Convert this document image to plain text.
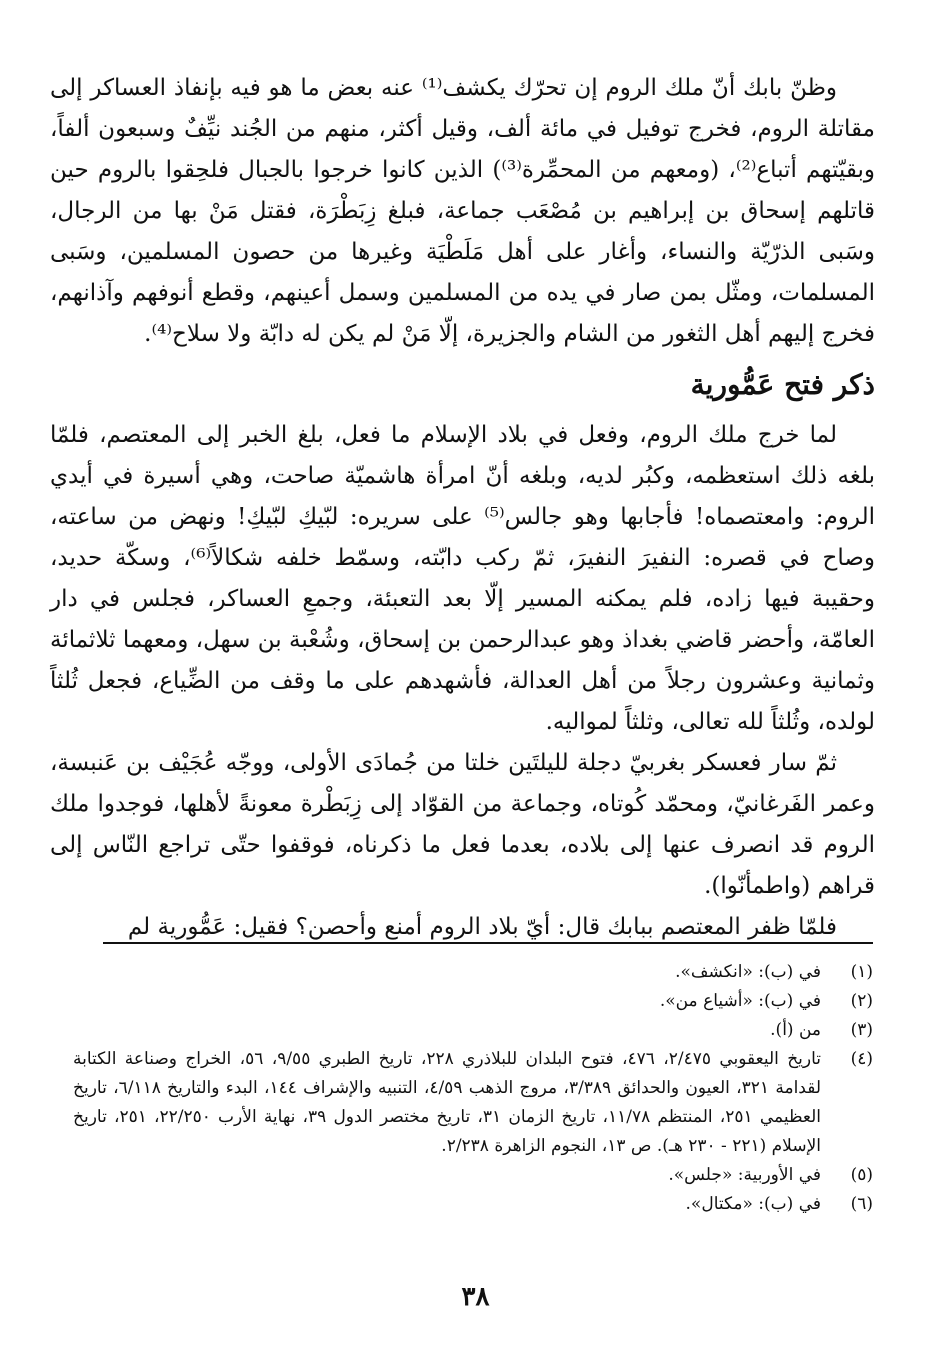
وظنّ بابك أنّ ملك الروم إن تحرّك يكشف⁽¹⁾ عنه بعض ما هو فيه بإنفاذ العساكر إلى مقاتلة الروم، فخرج توفيل في مائة ألف، وقيل أكثر، منهم من الجُند نيِّفٌ وسبعون ألفاً، وبقيّتهم أتباع⁽²⁾، (ومعهم من المحمِّرة⁽³⁾) الذين كانوا خرجوا بالجبال فلحِقوا بالروم حين قاتلهم إسحاق بن إبراهيم بن مُصْعَب جماعة، فبلغ زِبَطْرَة، فقتل مَنْ بها من الرجال، وسَبى الذرّيّة والنساء، وأغار على أهل مَلَطْيَة وغيرها من حصون المسلمين، وسَبى المسلمات، ومثّل بمن صار في يده من المسلمين وسمل أعينهم، وقطع أنوفهم وآذانهم، فخرج إليهم أهل الثغور من الشام والجزيرة، إلّا مَنْ لم يكن له دابّة ولا سلاح⁽⁴⁾.

ذكر فتح عَمُّورية

لما خرج ملك الروم، وفعل في بلاد الإسلام ما فعل، بلغ الخبر إلى المعتصم، فلمّا بلغه ذلك استعظمه، وكبُر لديه، وبلغه أنّ امرأة هاشميّة صاحت، وهي أسيرة في أيدي الروم: وامعتصماه! فأجابها وهو جالس⁽⁵⁾ على سريره: لبّيكِ لبّيكِ! ونهض من ساعته، وصاح في قصره: النفيرَ النفيرَ، ثمّ ركب دابّته، وسمّط خلفه شكالاً⁽⁶⁾، وسكّة حديد، وحقيبة فيها زاده، فلم يمكنه المسير إلّا بعد التعبئة، وجمعِ العساكر، فجلس في دار العامّة، وأحضر قاضي بغداذ وهو عبدالرحمن بن إسحاق، وشُعْبة بن سهل، ومعهما ثلاثمائة وثمانية وعشرون رجلاً من أهل العدالة، فأشهدهم على ما وقف من الضِّياع، فجعل ثُلثاً لولده، وثُلثاً لله تعالى، وثلثاً لمواليه.

ثمّ سار فعسكر بغربيّ دجلة لليلتَين خلتا من جُمادَى الأولى، ووجّه عُجَيْف بن عَنبسة، وعمر الفَرغانيّ، ومحمّد كُوتاه، وجماعة من القوّاد إلى زِبَطْرة معونةً لأهلها، فوجدوا ملك الروم قد انصرف عنها إلى بلاده، بعدما فعل ما ذكرناه، فوقفوا حتّى تراجع النّاس إلى قراهم (واطمأنّوا).

فلمّا ظفر المعتصم ببابك قال: أيّ بلاد الروم أمنع وأحصن؟ فقيل: عَمُّورية لم

(١)
في (ب): «انكشف».
(٢)
في (ب): «أشياع من».
(٣)
من (أ).
(٤)
تاريخ اليعقوبي ٢/٤٧٥، ٤٧٦، فتوح البلدان للبلاذري ٢٢٨، تاريخ الطبري ٩/٥٥، ٥٦، الخراج وصناعة الكتابة لقدامة ٣٢١، العيون والحدائق ٣/٣٨٩، مروج الذهب ٤/٥٩، التنبيه والإشراف ١٤٤، البدء والتاريخ ٦/١١٨، تاريخ العظيمي ٢٥١، المنتظم ١١/٧٨، تاريخ الزمان ٣١، تاريخ مختصر الدول ٣٩، نهاية الأرب ٢٢/٢٥٠، ٢٥١، تاريخ الإسلام (٢٢١ - ٢٣٠ هـ). ص ١٣، النجوم الزاهرة ٢/٢٣٨.
(٥)
في الأوربية: «جلس».
(٦)
في (ب): «مكتال».
٣٨
